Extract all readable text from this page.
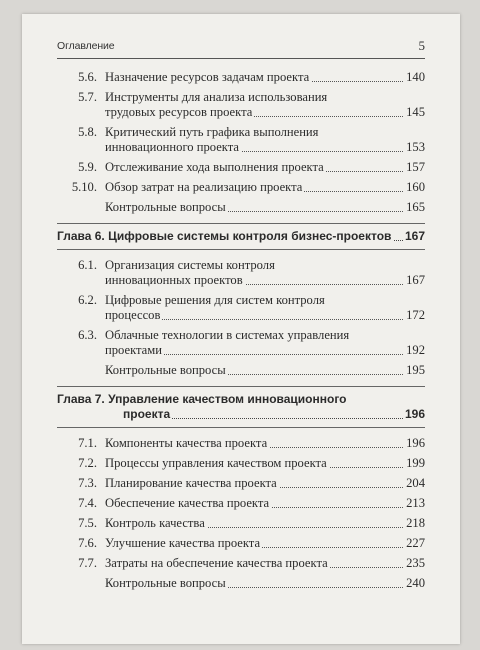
Оглавление	5
5.6. Назначение ресурсов задачам проекта	140
5.7. Инструменты для анализа использования
трудовых ресурсов проекта	145
5.8. Критический путь графика выполнения
инновационного проекта	153
5.9. Отслеживание хода выполнения проекта	157
5.10. Обзор затрат на реализацию проекта	160
Контрольные вопросы	165
Глава 6. Цифровые системы контроля бизнес-проектов	167
6.1. Организация системы контроля
инновационных проектов	167
6.2. Цифровые решения для систем контроля
процессов	172
6.3. Облачные технологии в системах управления
проектами	192
Контрольные вопросы	195
Глава 7. Управление качеством инновационного
проекта	196
7.1. Компоненты качества проекта	196
7.2. Процессы управления качеством проекта	199
7.3. Планирование качества проекта	204
7.4. Обеспечение качества проекта	213
7.5. Контроль качества	218
7.6. Улучшение качества проекта	227
7.7. Затраты на обеспечение качества проекта	235
Контрольные вопросы	240
